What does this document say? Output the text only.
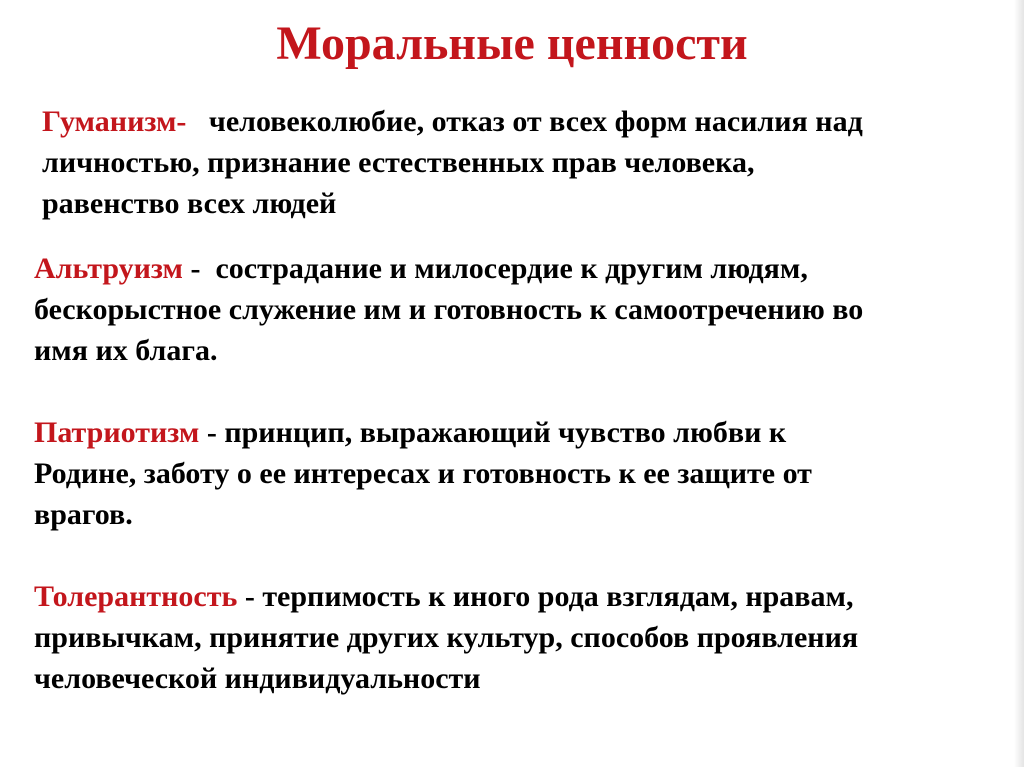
Моральные ценности
Гуманизм-   человеколюбие, отказ от всех форм насилия над
личностью, признание естественных прав человека,
равенство всех людей
Альтруизм -  сострадание и милосердие к другим людям,
бескорыстное служение им и готовность к самоотречению во
имя их блага.
Патриотизм - принцип, выражающий чувство любви к
Родине, заботу о ее интересах и готовность к ее защите от
врагов.
Толерантность - терпимость к иного рода взглядам, нравам,
привычкам, принятие других культур, способов проявления
человеческой индивидуальности
